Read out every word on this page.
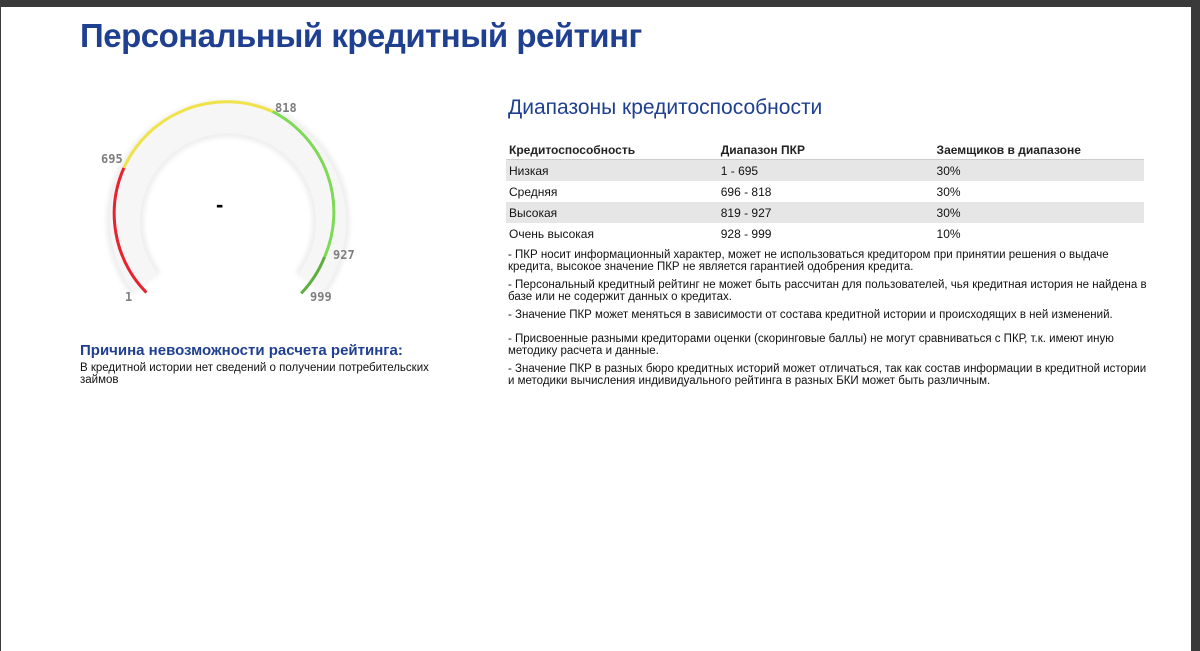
Персональный кредитный рейтинг
-
1
695
818
927
999
Причина невозможности расчета рейтинга:
В кредитной истории нет сведений о получении потребительских займов
Диапазоны кредитоспособности
Кредитоспособность	Диапазон ПКР	Заемщиков в диапазоне
Низкая	1 - 695	30%
Средняя	696 - 818	30%
Высокая	819 - 927	30%
Очень высокая	928 - 999	10%
- ПКР носит информационный характер, может не использоваться кредитором при принятии решения о выдаче кредита, высокое значение ПКР не является гарантией одобрения кредита.
- Персональный кредитный рейтинг не может быть рассчитан для пользователей, чья кредитная история не найдена в базе или не содержит данных о кредитах.
- Значение ПКР может меняться в зависимости от состава кредитной истории и происходящих в ней изменений.
- Присвоенные разными кредиторами оценки (скоринговые баллы) не могут сравниваться с ПКР, т.к. имеют иную методику расчета и данные.
- Значение ПКР в разных бюро кредитных историй может отличаться, так как состав информации в кредитной истории и методики вычисления индивидуального рейтинга в разных БКИ может быть различным.
